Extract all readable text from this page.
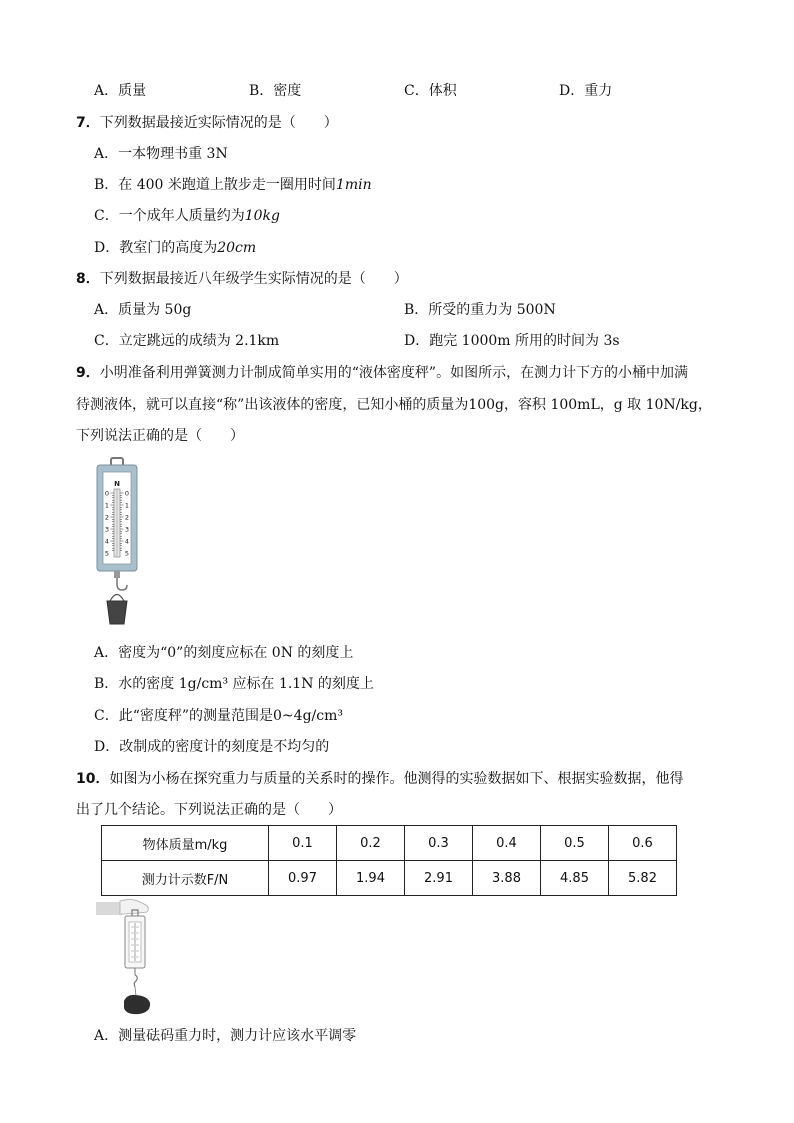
A．质量	B．密度	C．体积	D．重力
7．下列数据最接近实际情况的是（　　）
A．一本物理书重 3N
B．在 400 米跑道上散步走一圈用时间1min
C．一个成年人质量约为10kg
D．教室门的高度为20cm
8．下列数据最接近八年级学生实际情况的是（　　）
A．质量为 50g	B．所受的重力为 500N
C．立定跳远的成绩为 2.1km	D．跑完 1000m 所用的时间为 3s
9．小明准备利用弹簧测力计制成简单实用的“液体密度秤”。如图所示，在测力计下方的小桶中加满
待测液体，就可以直接“称”出该液体的密度，已知小桶的质量为100g，容积 100mL，g 取 10N/kg，
下列说法正确的是（　　）
N
0 0
1 1
2 2
3 3
4 4
5 5
A．密度为“0”的刻度应标在 0N 的刻度上
B．水的密度 1g/cm³ 应标在 1.1N 的刻度上
C．此“密度秤”的测量范围是0~4g/cm³
D．改制成的密度计的刻度是不均匀的
10．如图为小杨在探究重力与质量的关系时的操作。他测得的实验数据如下、根据实验数据，他得
出了几个结论。下列说法正确的是（　　）
物体质量m/kg	0.1	0.2	0.3	0.4	0.5	0.6
测力计示数F/N	0.97	1.94	2.91	3.88	4.85	5.82
A．测量砝码重力时，测力计应该水平调零
